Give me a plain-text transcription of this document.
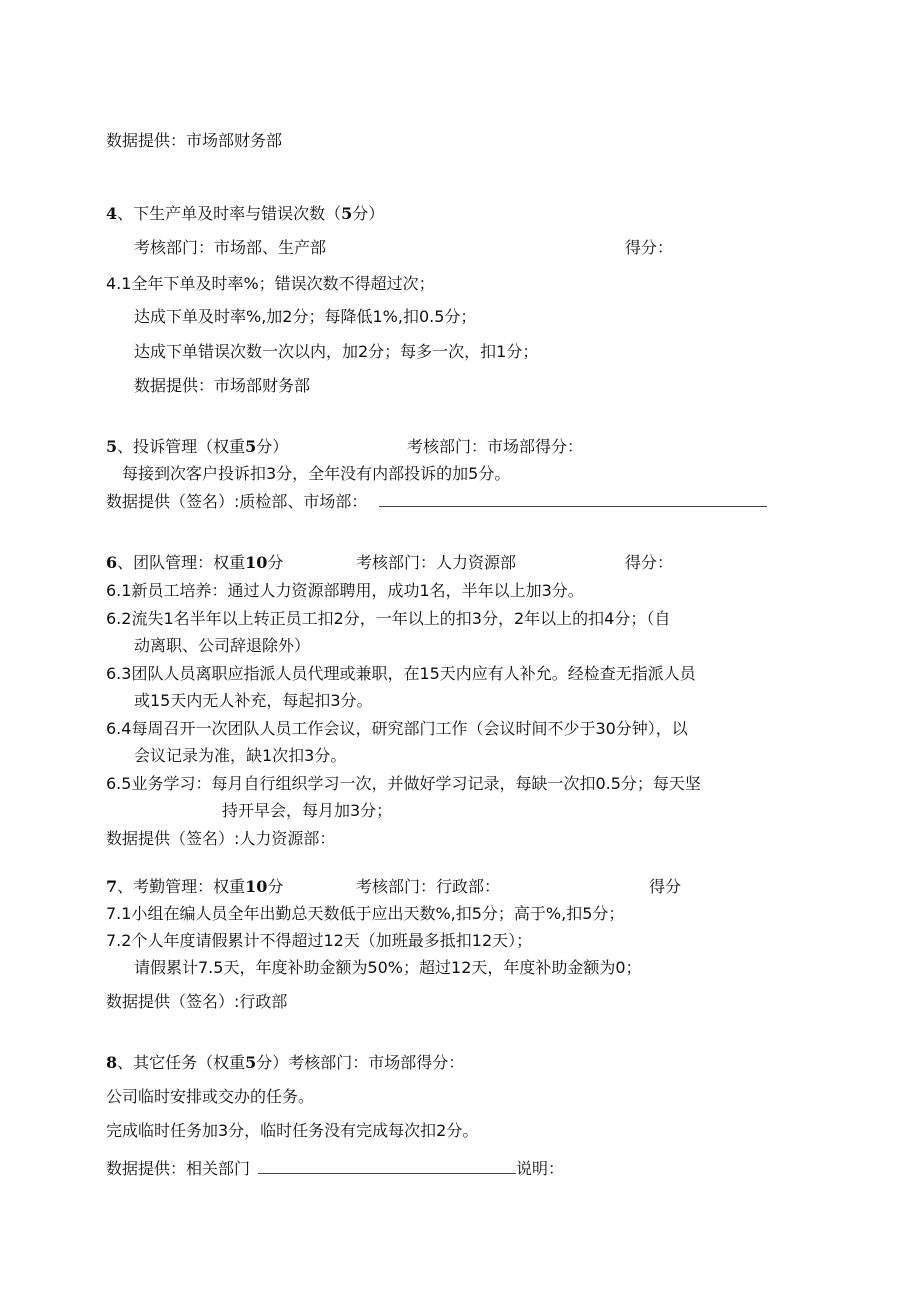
数据提供：市场部财务部
4、下生产单及时率与错误次数（5分）
考核部门：市场部、生产部	得分：
4.1全年下单及时率%；错误次数不得超过次；
达成下单及时率%,加2分；每降低1%,扣0.5分；
达成下单错误次数一次以内，加2分；每多一次，扣1分；
数据提供：市场部财务部
5、投诉管理（权重5分）	考核部门：市场部得分：
每接到次客户投诉扣3分，全年没有内部投诉的加5分。
数据提供（签名）:质检部、市场部：
6、团队管理：权重10分	考核部门：人力资源部	得分：
6.1新员工培养：通过人力资源部聘用，成功1名，半年以上加3分。
6.2流失1名半年以上转正员工扣2分，一年以上的扣3分，2年以上的扣4分；（自
动离职、公司辞退除外）
6.3团队人员离职应指派人员代理或兼职，在15天内应有人补允。经检查无指派人员
或15天内无人补充，每起扣3分。
6.4每周召开一次团队人员工作会议，研究部门工作（会议时间不少于30分钟），以
会议记录为准，缺1次扣3分。
6.5业务学习：每月自行组织学习一次，并做好学习记录，每缺一次扣0.5分；每天坚
持开早会，每月加3分；
数据提供（签名）:人力资源部：
7、考勤管理：权重10分	考核部门：行政部：	得分
7.1小组在编人员全年出勤总天数低于应出天数%,扣5分；高于%,扣5分；
7.2个人年度请假累计不得超过12天（加班最多抵扣12天）；
请假累计7.5天，年度补助金额为50%；超过12天，年度补助金额为0；
数据提供（签名）:行政部
8、其它任务（权重5分）考核部门：市场部得分：
公司临时安排或交办的任务。
完成临时任务加3分，临时任务没有完成每次扣2分。
数据提供：相关部门	说明：
